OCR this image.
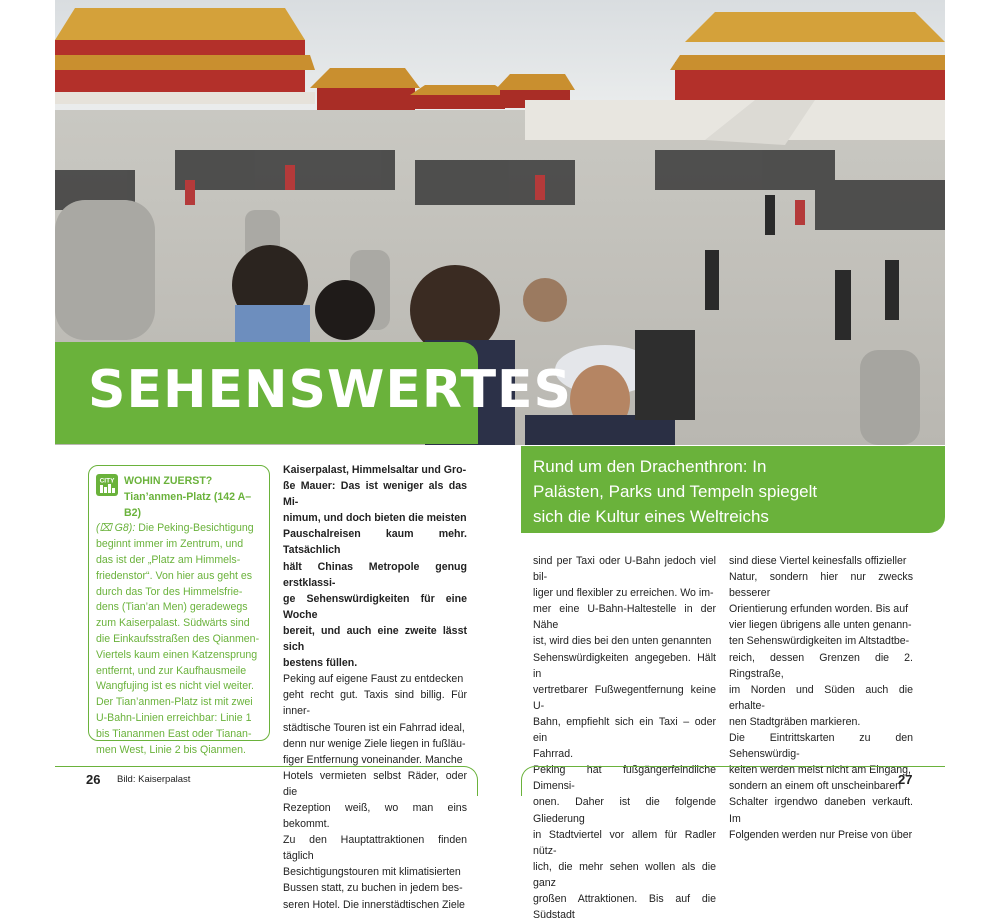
SEHENSWERTES
Rund um den Drachenthron: In
Palästen, Parks und Tempeln spiegelt
sich die Kultur eines Weltreichs
CITY WOHIN ZUERST?
Tian’anmen-Platz (142 A–B2)
(⌧ G8): Die Peking-Besichtigung
beginnt immer im Zentrum, und
das ist der „Platz am Himmels-
friedenstor“. Von hier aus geht es
durch das Tor des Himmelsfrie-
dens (Tian’an Men) geradewegs
zum Kaiserpalast. Südwärts sind
die Einkaufsstraßen des Qianmen-
Viertels kaum einen Katzensprung
entfernt, und zur Kaufhausmeile
Wangfujing ist es nicht viel weiter.
Der Tian’anmen-Platz ist mit zwei
U-Bahn-Linien erreichbar: Linie 1
bis Tiananmen East oder Tianan-
men West, Linie 2 bis Qianmen.
Kaiserpalast, Himmelsaltar und Gro-
ße Mauer: Das ist weniger als das Mi-
nimum, und doch bieten die meisten
Pauschalreisen kaum mehr. Tatsächlich
hält Chinas Metropole genug erstklassi-
ge Sehenswürdigkeiten für eine Woche
bereit, und auch eine zweite lässt sich
bestens füllen.
Peking auf eigene Faust zu entdecken
geht recht gut. Taxis sind billig. Für inner-
städtische Touren ist ein Fahrrad ideal,
denn nur wenige Ziele liegen in fußläu-
figer Entfernung voneinander. Manche
Hotels vermieten selbst Räder, oder die
Rezeption weiß, wo man eins bekommt.
Zu den Hauptattraktionen finden täglich
Besichtigungstouren mit klimatisierten
Bussen statt, zu buchen in jedem bes-
seren Hotel. Die innerstädtischen Ziele
sind per Taxi oder U-Bahn jedoch viel bil-
liger und flexibler zu erreichen. Wo im-
mer eine U-Bahn-Haltestelle in der Nähe
ist, wird dies bei den unten genannten
Sehenswürdigkeiten angegeben. Hält in
vertretbarer Fußwegentfernung keine U-
Bahn, empfiehlt sich ein Taxi – oder ein
Fahrrad.
Peking hat fußgängerfeindliche Dimensi-
onen. Daher ist die folgende Gliederung
in Stadtviertel vor allem für Radler nütz-
lich, die mehr sehen wollen als die ganz
großen Attraktionen. Bis auf die Südstadt
sind diese Viertel keinesfalls offizieller
Natur, sondern hier nur zwecks besserer
Orientierung erfunden worden. Bis auf
vier liegen übrigens alle unten genann-
ten Sehenswürdigkeiten im Altstadtbe-
reich, dessen Grenzen die 2. Ringstraße,
im Norden und Süden auch die erhalte-
nen Stadtgräben markieren.
Die Eintrittskarten zu den Sehenswürdig-
keiten werden meist nicht am Eingang,
sondern an einem oft unscheinbaren
Schalter irgendwo daneben verkauft. Im
Folgenden werden nur Preise von über
26 Bild: Kaiserpalast	27
